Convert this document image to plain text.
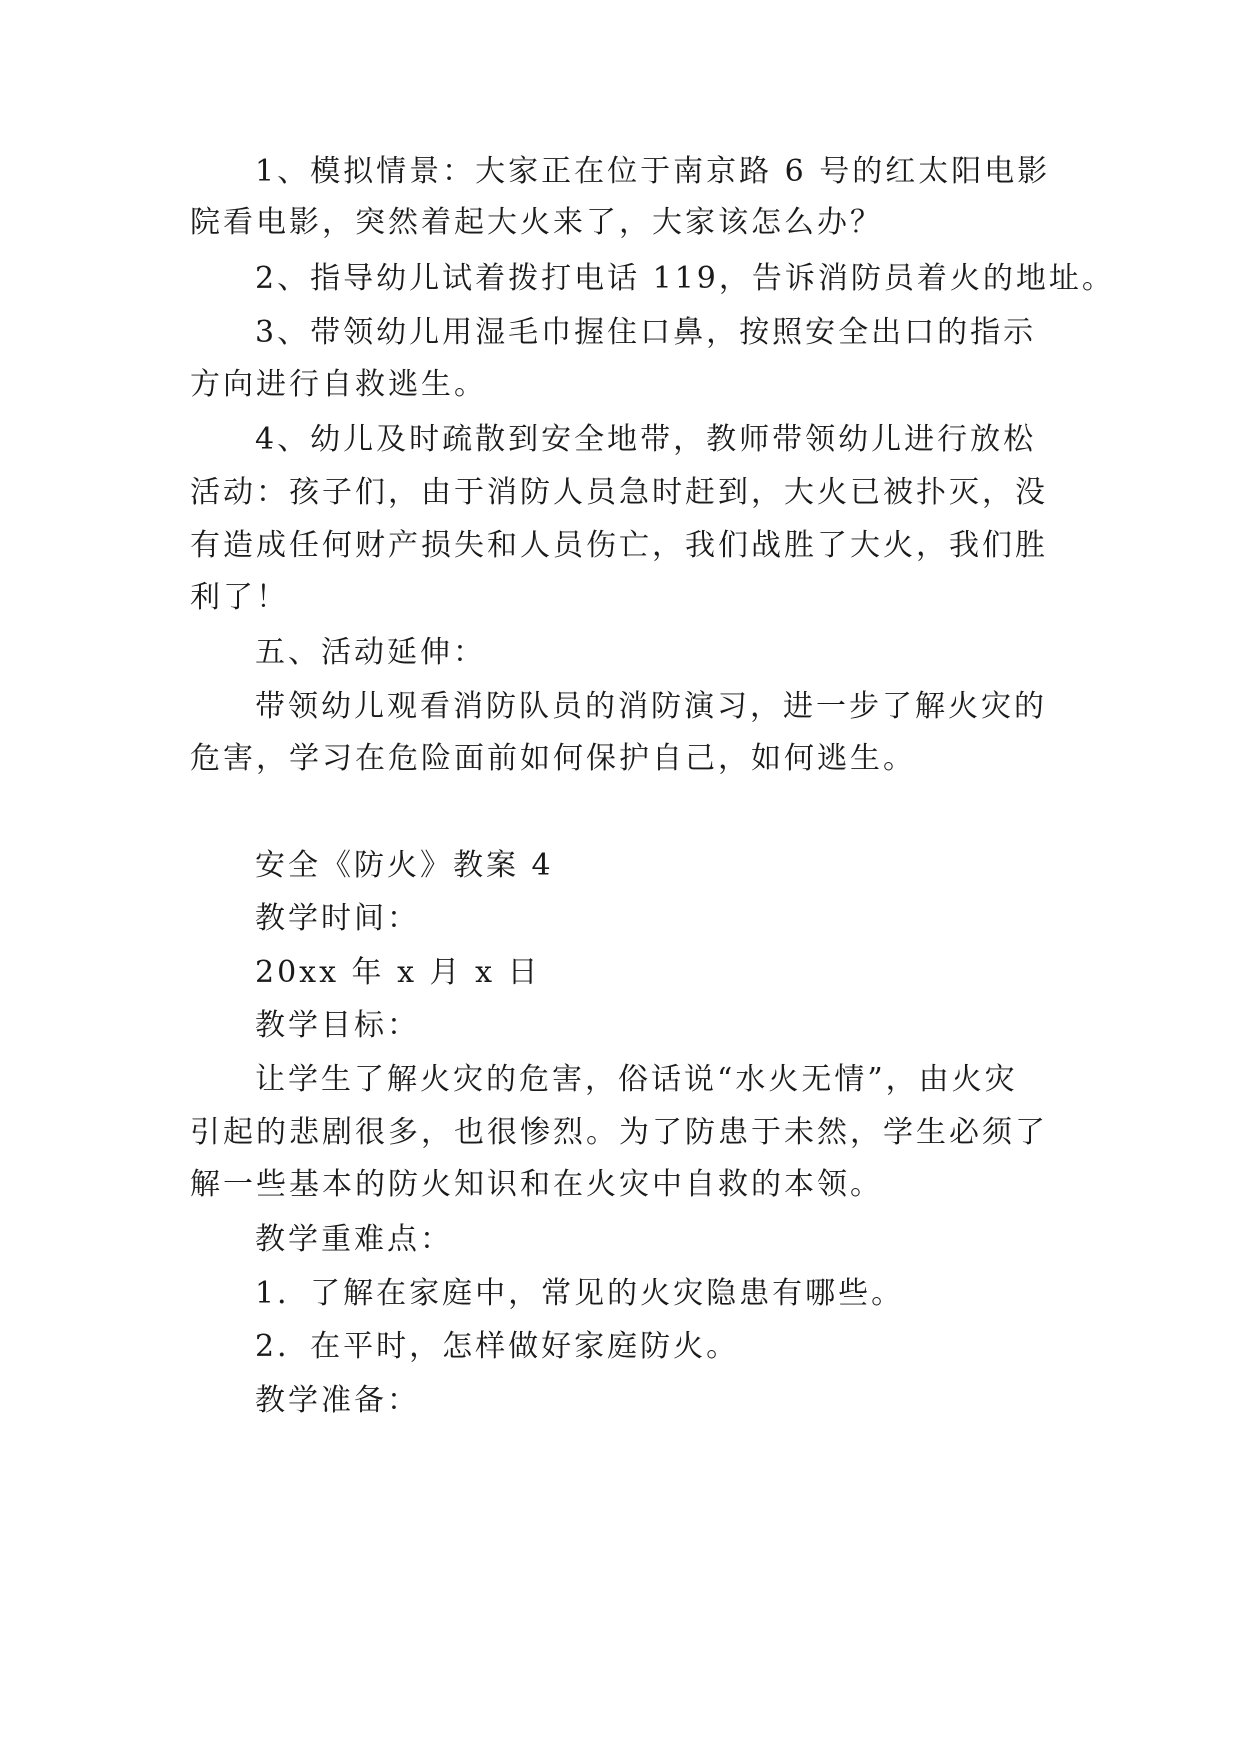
1、模拟情景：大家正在位于南京路 6 号的红太阳电影
院看电影，突然着起大火来了，大家该怎么办？
2、指导幼儿试着拨打电话 119，告诉消防员着火的地址。
3、带领幼儿用湿毛巾握住口鼻，按照安全出口的指示
方向进行自救逃生。
4、幼儿及时疏散到安全地带，教师带领幼儿进行放松
活动：孩子们，由于消防人员急时赶到，大火已被扑灭，没
有造成任何财产损失和人员伤亡，我们战胜了大火，我们胜
利了！
五、活动延伸：
带领幼儿观看消防队员的消防演习，进一步了解火灾的
危害，学习在危险面前如何保护自己，如何逃生。
安全《防火》教案 4
教学时间：
20xx 年 x 月 x 日
教学目标：
让学生了解火灾的危害，俗话说“水火无情”，由火灾
引起的悲剧很多，也很惨烈。为了防患于未然，学生必须了
解一些基本的防火知识和在火灾中自救的本领。
教学重难点：
1．了解在家庭中，常见的火灾隐患有哪些。
2．在平时，怎样做好家庭防火。
教学准备：
